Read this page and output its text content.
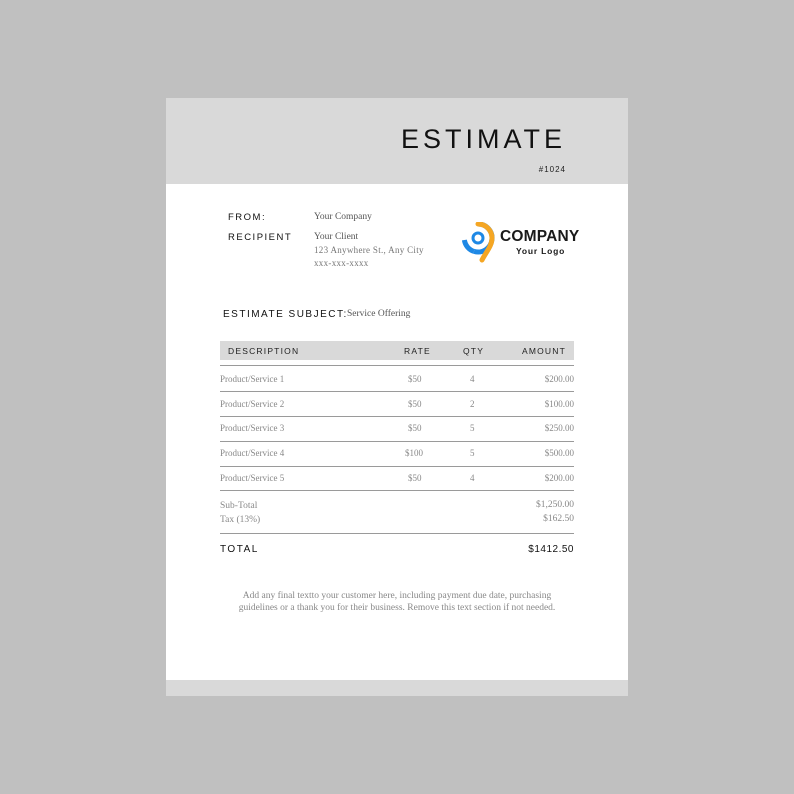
ESTIMATE
#1024
FROM:	Your Company
RECIPIENT Your Client
123 Anywhere St., Any City
xxx-xxx-xxxx
COMPANY
Your Logo
ESTIMATE SUBJECT: Service Offering
DESCRIPTION	RATE	QTY	AMOUNT
Product/Service 1	$50	4	$200.00
Product/Service 2	$50	2	$100.00
Product/Service 3	$50	5	$250.00
Product/Service 4	$100	5	$500.00
Product/Service 5	$50	4	$200.00
Sub-Total	$1,250.00
Tax (13%)	$162.50
TOTAL	$1412.50
Add any final textto your customer here, including payment due date, purchasing guidelines or a thank you for their business. Remove this text section if not needed.
